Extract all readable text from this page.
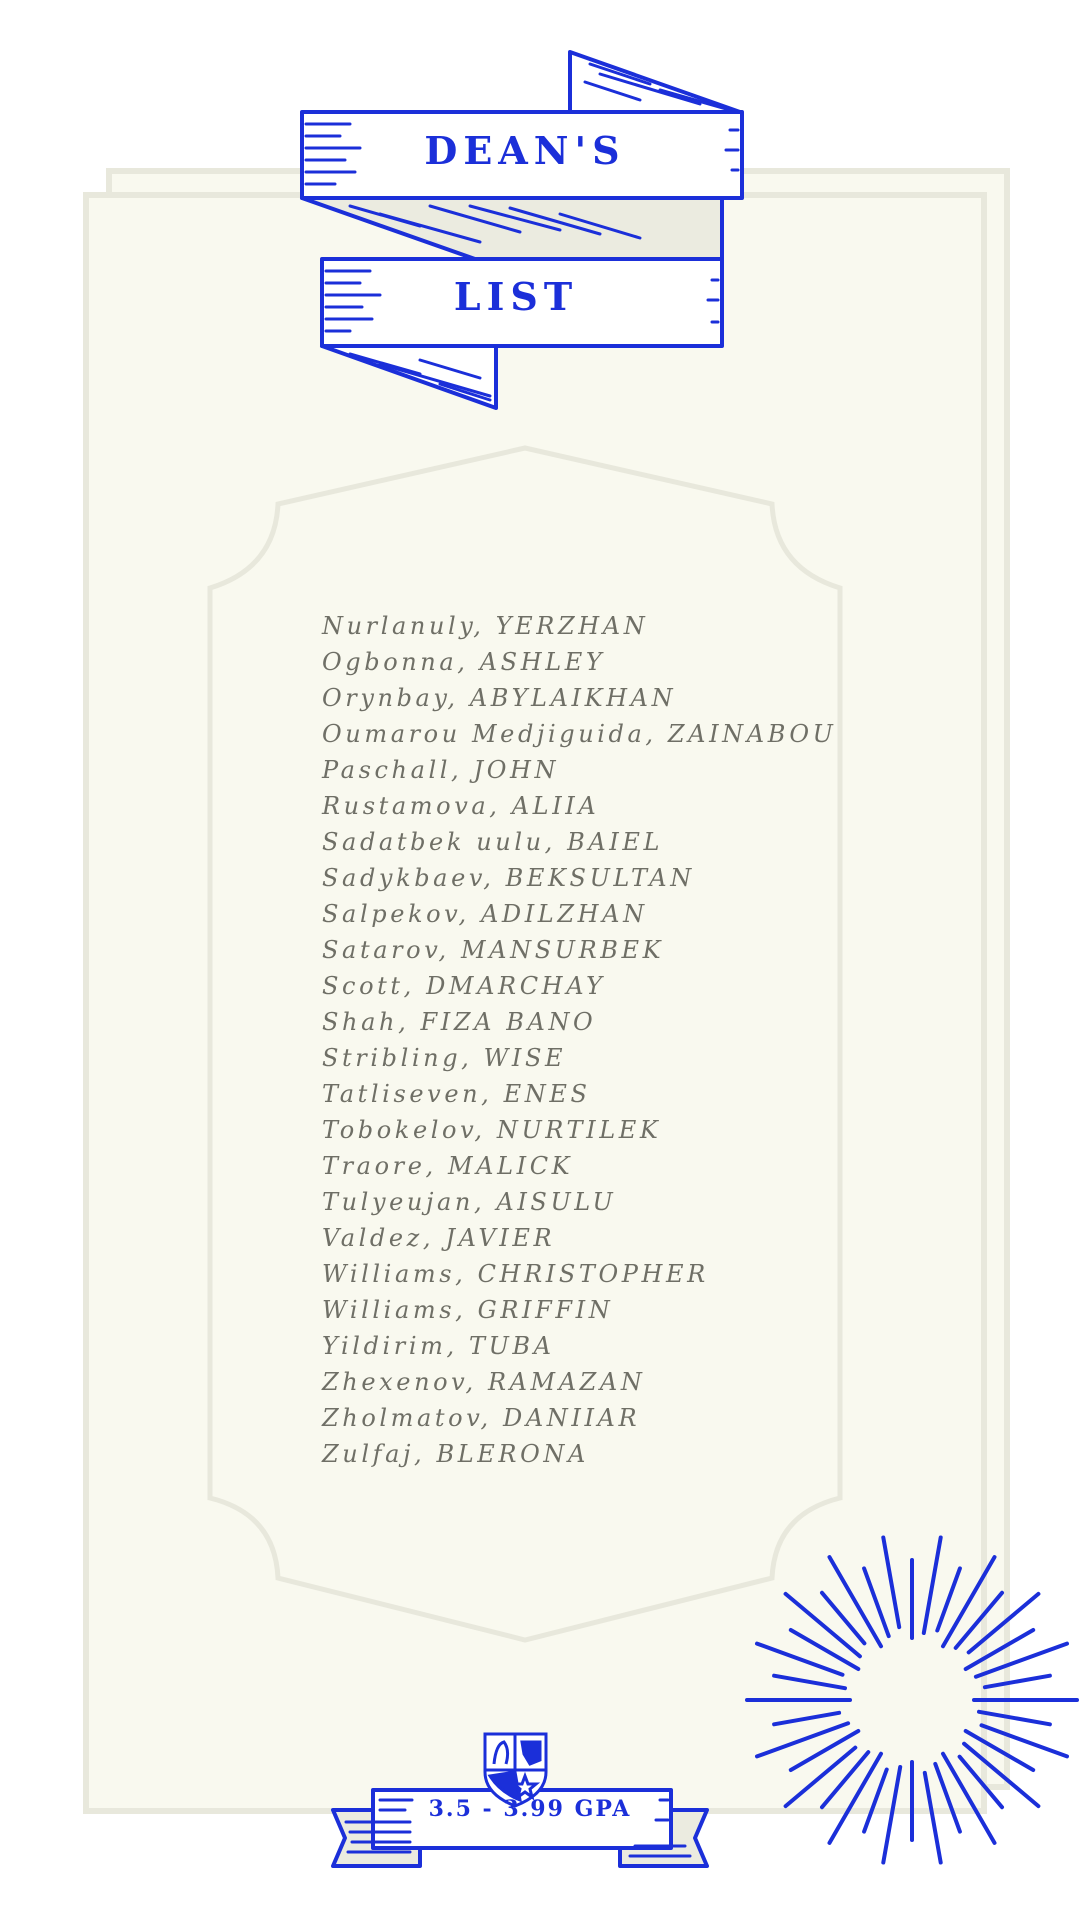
DEAN'S
LIST
Nurlanuly, YERZHAN
Ogbonna, ASHLEY
Orynbay, ABYLAIKHAN
Oumarou Medjiguida, ZAINABOU
Paschall, JOHN
Rustamova, ALIIA
Sadatbek uulu, BAIEL
Sadykbaev, BEKSULTAN
Salpekov, ADILZHAN
Satarov, MANSURBEK
Scott, DMARCHAY
Shah, FIZA BANO
Stribling, WISE
Tatliseven, ENES
Tobokelov, NURTILEK
Traore, MALICK
Tulyeujan, AISULU
Valdez, JAVIER
Williams, CHRISTOPHER
Williams, GRIFFIN
Yildirim, TUBA
Zhexenov, RAMAZAN
Zholmatov, DANIIAR
Zulfaj, BLERONA
3.5 - 3.99 GPA
